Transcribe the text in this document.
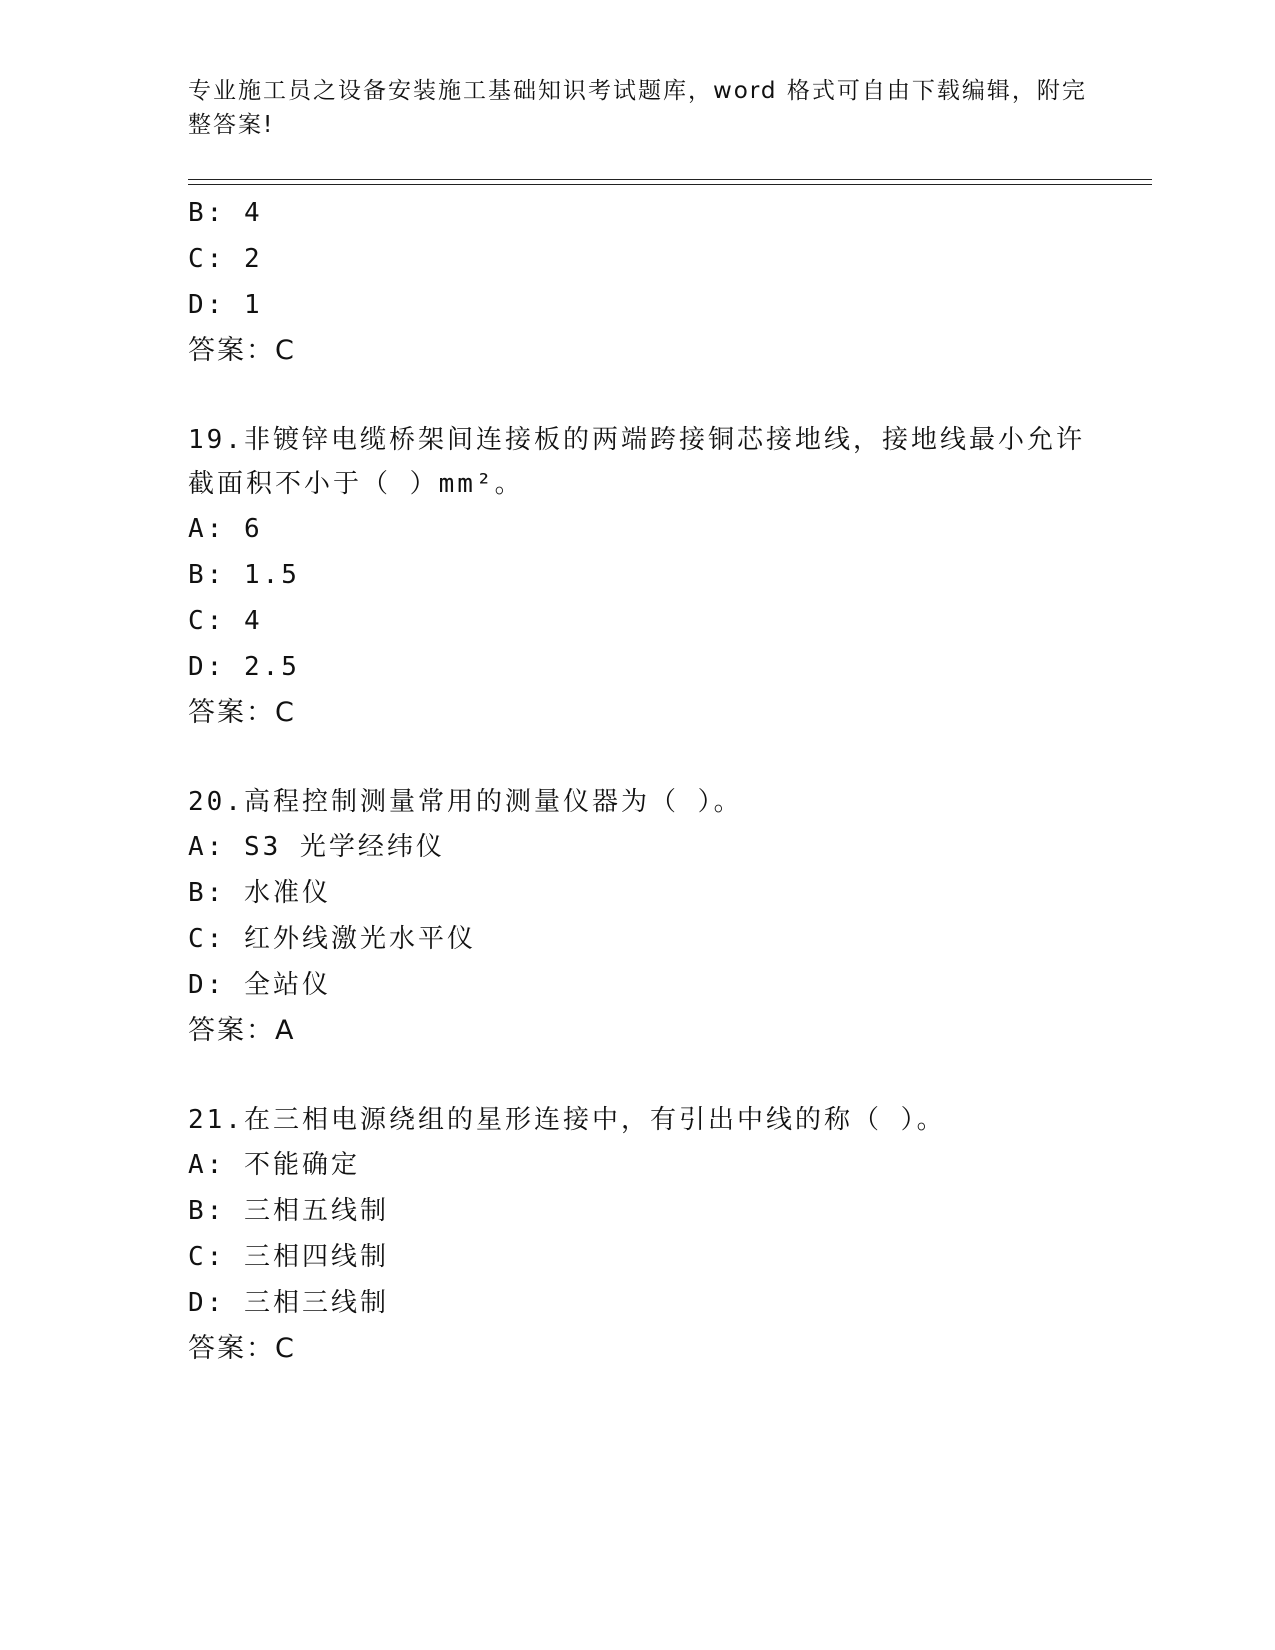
专业施工员之设备安装施工基础知识考试题库，word 格式可自由下载编辑，附完整答案!
B: 4
C: 2
D: 1
答案：C
19.非镀锌电缆桥架间连接板的两端跨接铜芯接地线，接地线最小允许截面积不小于（ ）mm²。
A: 6
B: 1.5
C: 4
D: 2.5
答案：C
20.高程控制测量常用的测量仪器为（ ）。
A: S3 光学经纬仪
B: 水准仪
C: 红外线激光水平仪
D: 全站仪
答案：A
21.在三相电源绕组的星形连接中，有引出中线的称（ ）。
A: 不能确定
B: 三相五线制
C: 三相四线制
D: 三相三线制
答案：C
